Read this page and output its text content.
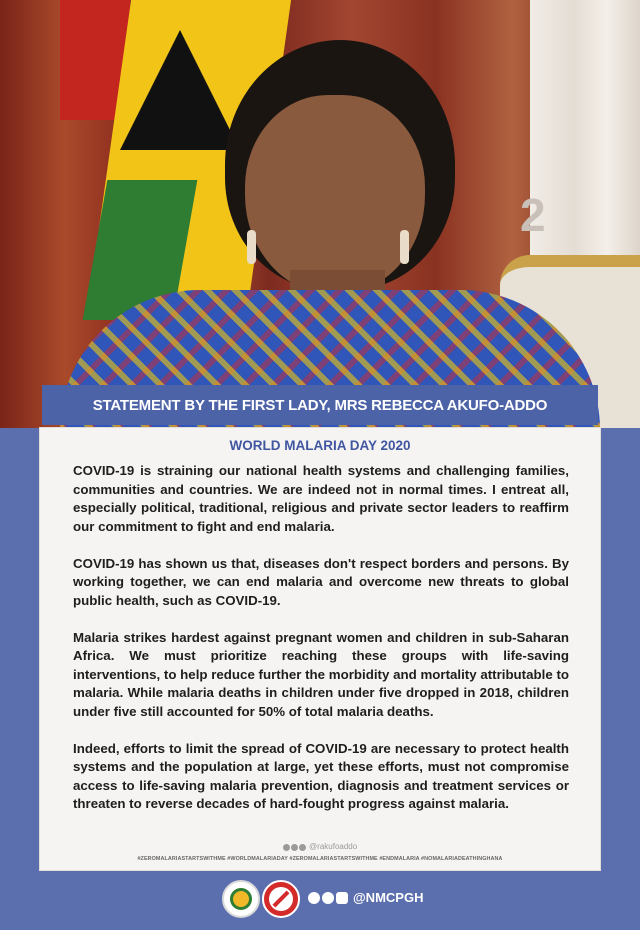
2
STATEMENT BY THE FIRST LADY, MRS REBECCA AKUFO-ADDO
WORLD MALARIA DAY 2020

COVID-19 is straining our national health systems and challenging families, communities and countries. We are indeed not in normal times. I entreat all, especially political, traditional, religious and private sector leaders to reaffirm our commitment to fight and end malaria.

COVID-19 has shown us that, diseases don't respect borders and persons. By working together, we can end malaria and overcome new threats to global public health, such as COVID-19.

Malaria strikes hardest against pregnant women and children in sub-Saharan Africa. We must prioritize reaching these groups with life-saving interventions, to help reduce further the morbidity and mortality attributable to malaria. While malaria deaths in children under five dropped in 2018, children under five still accounted for 50% of total malaria deaths.

Indeed, efforts to limit the spread of COVID-19 are necessary to protect health systems and the population at large, yet these efforts, must not compromise access to life-saving malaria prevention, diagnosis and treatment services or threaten to reverse decades of hard-fought progress against malaria.

@rakufoaddo
#ZEROMALARIASTARTSWITHME #WORLDMALARIADAY #ZEROMALARIASTARTSWITHME #ENDMALARIA #NOMALARIADEATHINGHANA
@NMCPGH
